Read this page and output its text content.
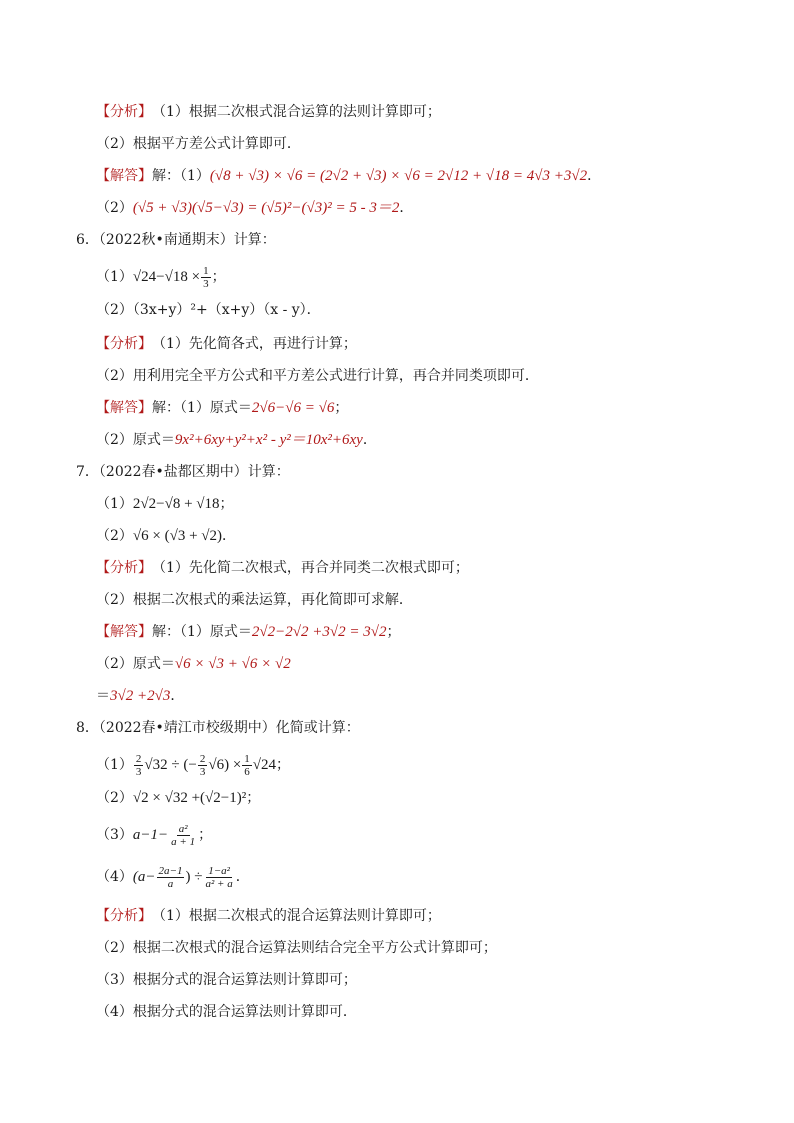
【分析】 （1）根据二次根式混合运算的法则计算即可；
（2）根据平方差公式计算即可．
【解答】 解：（1） (√8 + √3) × √6 = (2√2 + √3) × √6 = 2√12 + √18 = 4√3 +3√2 ．
（2） (√5 + √3)(√5−√3) = (√5)²−(√3)² = 5 - 3＝2 ．
6．（2022秋•南通期末）计算：
（1） $√24-√18 \times \frac{1}{3}$ ；
（2）（3x+y）²+（x+y）（x - y）．
【分析】 （1）先化简各式，再进行计算；
（2）用利用完全平方公式和平方差公式进行计算，再合并同类项即可．
【解答】 解：（1）原式＝ 2√6−√6 = √6 ；
（2）原式＝ 9x²+6xy+y²+x² - y²＝10x²+6xy ．
7．（2022春•盐都区期中）计算：
（1） 2√2−√8 + √18 ；
（2） √6 × (√3 + √2) ．
【分析】 （1）先化简二次根式，再合并同类二次根式即可；
（2）根据二次根式的乘法运算，再化简即可求解．
【解答】 解：（1）原式＝ 2√2−2√2 +3√2 = 3√2 ；
（2）原式＝ √6 × √3 + √6 × √2
＝ 3√2 +2√3 ．
8．（2022春•靖江市校级期中）化简或计算：
$(1) \frac{2}{3} √32$ ÷ (− $\frac{2}{3} √6) \times \frac{1}{6} √24$ ；
（2） √2 × √32 +(√2−1)² ；
（3） $a-1- \frac{\text{a²}}{a + 1}$ ；
（4） ($a- \frac{2a-1}{a}$ ) ÷ $\frac{\text{1−a²}}{\text{a² + a}}$ ．
【分析】 （1）根据二次根式的混合运算法则计算即可；
（2）根据二次根式的混合运算法则结合完全平方公式计算即可；
（3）根据分式的混合运算法则计算即可；
（4）根据分式的混合运算法则计算即可．
